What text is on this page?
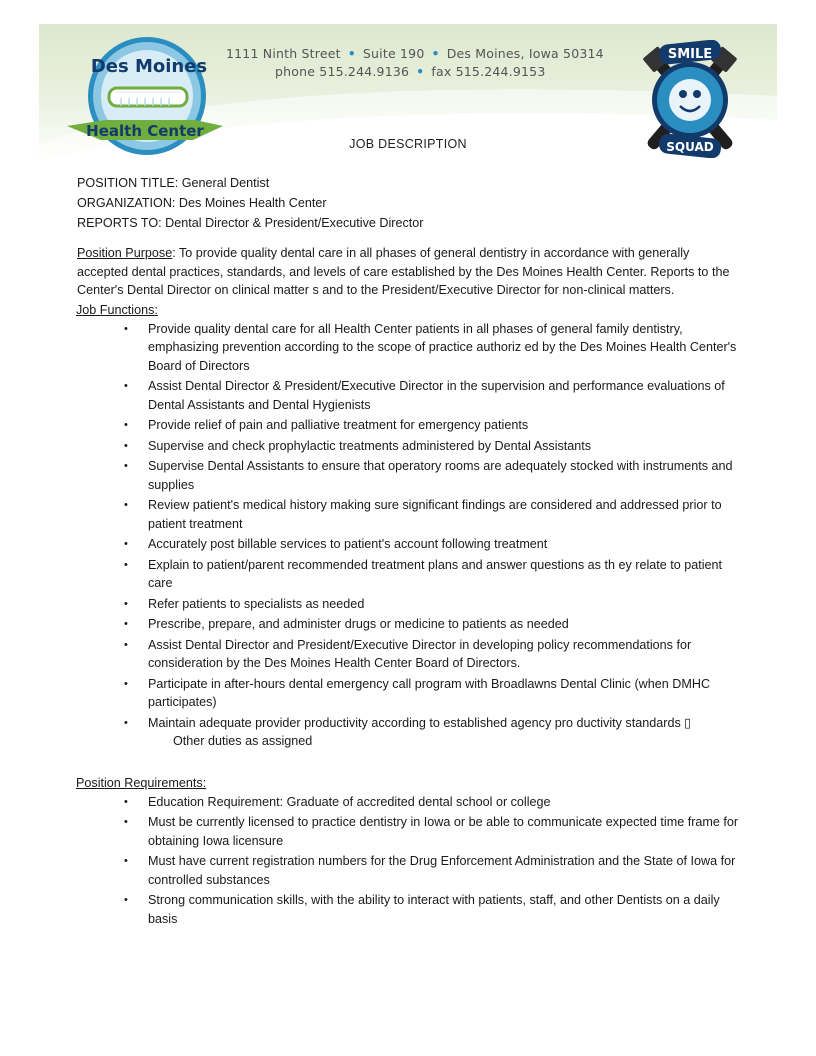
1111 Ninth Street • Suite 190 • Des Moines, Iowa 50314
phone 515.244.9136 • fax 515.244.9153
Des Moines
Health Center
SMILE
SQUAD
JOB DESCRIPTION
POSITION TITLE: General Dentist
ORGANIZATION: Des Moines Health Center
REPORTS TO: Dental Director & President/Executive Director

Position Purpose: To provide quality dental care in all phases of general dentistry in accordance with generally accepted dental practices, standards, and levels of care established by the Des Moines Health Center. Reports to the Center's Dental Director on clinical matter s and to the President/Executive Director for non-clinical matters.

Job Functions:
• Provide quality dental care for all Health Center patients in all phases of general family dentistry, emphasizing prevention according to the scope of practice authoriz ed by the Des Moines Health Center's Board of Directors
• Assist Dental Director & President/Executive Director in the supervision and performance evaluations of Dental Assistants and Dental Hygienists
• Provide relief of pain and palliative treatment for emergency patients
• Supervise and check prophylactic treatments administered by Dental Assistants
• Supervise Dental Assistants to ensure that operatory rooms are adequately stocked with instruments and supplies
• Review patient's medical history making sure significant findings are considered and addressed prior to patient treatment
• Accurately post billable services to patient's account following treatment
• Explain to patient/parent recommended treatment plans and answer questions as th ey relate to patient care
• Refer patients to specialists as needed
• Prescribe, prepare, and administer drugs or medicine to patients as needed
• Assist Dental Director and President/Executive Director in developing policy recommendations for consideration by the Des Moines Health Center Board of Directors.
• Participate in after-hours dental emergency call program with Broadlawns Dental Clinic (when DMHC participates)
• Maintain adequate provider productivity according to established agency pro ductivity standards ▯
Other duties as assigned
Position Requirements:
• Education Requirement: Graduate of accredited dental school or college
• Must be currently licensed to practice dentistry in Iowa or be able to communicate expected time frame for obtaining Iowa licensure
• Must have current registration numbers for the Drug Enforcement Administration and the State of Iowa for controlled substances
• Strong communication skills, with the ability to interact with patients, staff, and other Dentists on a daily basis
